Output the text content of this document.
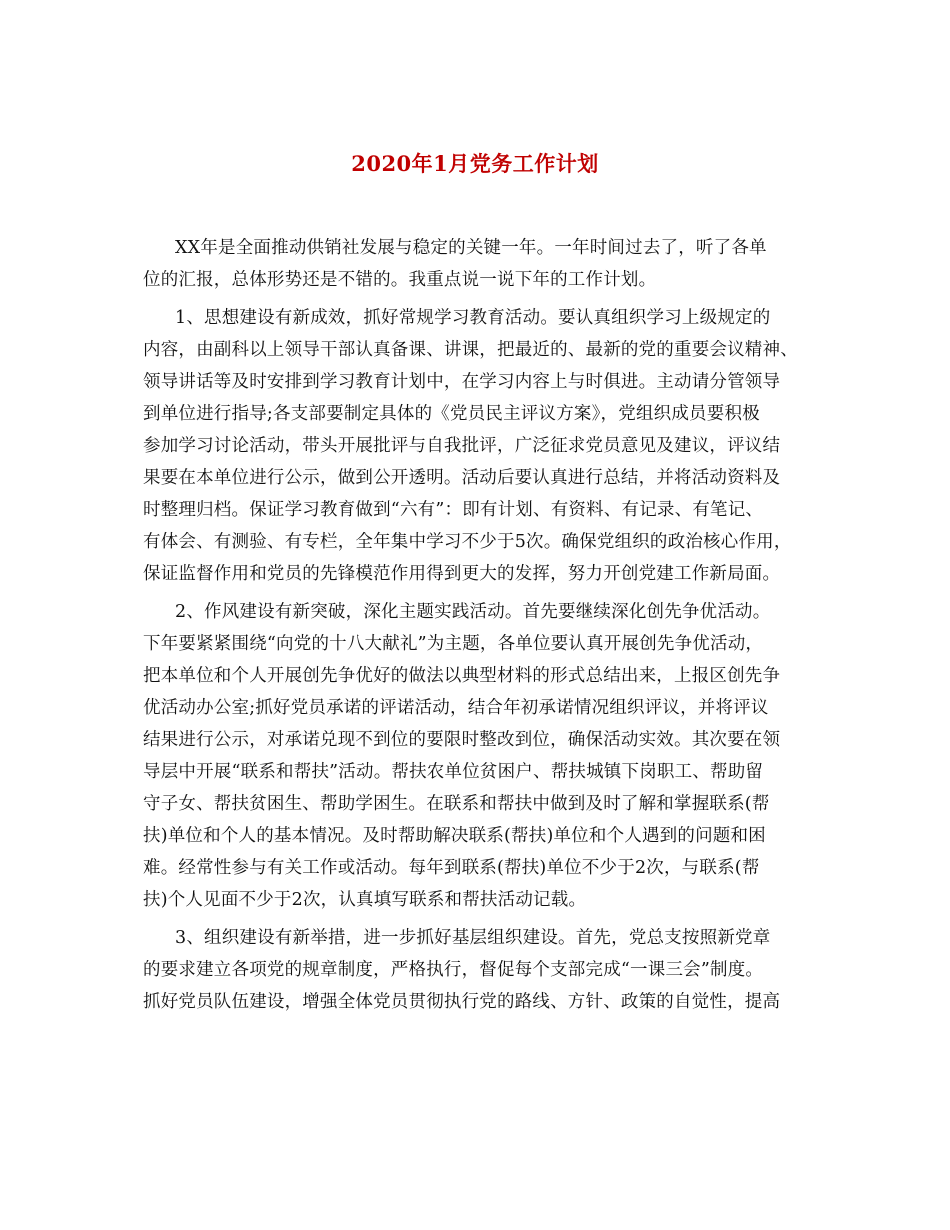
2020年1月党务工作计划
XX年是全面推动供销社发展与稳定的关键一年。一年时间过去了，听了各单
位的汇报，总体形势还是不错的。我重点说一说下年的工作计划。
1、思想建设有新成效，抓好常规学习教育活动。要认真组织学习上级规定的
内容，由副科以上领导干部认真备课、讲课，把最近的、最新的党的重要会议精神、
领导讲话等及时安排到学习教育计划中，在学习内容上与时俱进。主动请分管领导
到单位进行指导;各支部要制定具体的《党员民主评议方案》，党组织成员要积极
参加学习讨论活动，带头开展批评与自我批评，广泛征求党员意见及建议，评议结
果要在本单位进行公示，做到公开透明。活动后要认真进行总结，并将活动资料及
时整理归档。保证学习教育做到“六有”：即有计划、有资料、有记录、有笔记、
有体会、有测验、有专栏，全年集中学习不少于5次。确保党组织的政治核心作用，
保证监督作用和党员的先锋模范作用得到更大的发挥，努力开创党建工作新局面。
2、作风建设有新突破，深化主题实践活动。首先要继续深化创先争优活动。
下年要紧紧围绕“向党的十八大献礼”为主题，各单位要认真开展创先争优活动，
把本单位和个人开展创先争优好的做法以典型材料的形式总结出来，上报区创先争
优活动办公室;抓好党员承诺的评诺活动，结合年初承诺情况组织评议，并将评议
结果进行公示，对承诺兑现不到位的要限时整改到位，确保活动实效。其次要在领
导层中开展“联系和帮扶”活动。帮扶农单位贫困户、帮扶城镇下岗职工、帮助留
守子女、帮扶贫困生、帮助学困生。在联系和帮扶中做到及时了解和掌握联系(帮
扶)单位和个人的基本情况。及时帮助解决联系(帮扶)单位和个人遇到的问题和困
难。经常性参与有关工作或活动。每年到联系(帮扶)单位不少于2次，与联系(帮
扶)个人见面不少于2次，认真填写联系和帮扶活动记载。
3、组织建设有新举措，进一步抓好基层组织建设。首先，党总支按照新党章
的要求建立各项党的规章制度，严格执行，督促每个支部完成“一课三会”制度。
抓好党员队伍建设，增强全体党员贯彻执行党的路线、方针、政策的自觉性，提高
